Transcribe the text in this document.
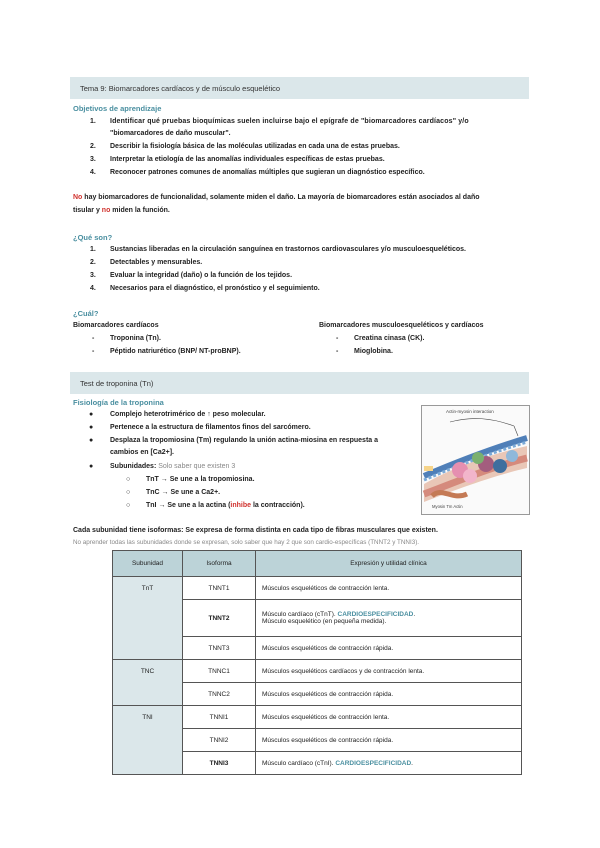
Tema 9: Biomarcadores cardíacos y de músculo esquelético
Objetivos de aprendizaje
1. Identificar qué pruebas bioquímicas suelen incluirse bajo el epígrafe de "biomarcadores cardíacos" y/o
"biomarcadores de daño muscular".
2. Describir la fisiología básica de las moléculas utilizadas en cada una de estas pruebas.
3. Interpretar la etiología de las anomalías individuales específicas de estas pruebas.
4. Reconocer patrones comunes de anomalías múltiples que sugieran un diagnóstico específico.
No hay biomarcadores de funcionalidad, solamente miden el daño. La mayoría de biomarcadores están asociados al daño
tisular y no miden la función.
¿Qué son?
1. Sustancias liberadas en la circulación sanguínea en trastornos cardiovasculares y/o musculoesqueléticos.
2. Detectables y mensurables.
3. Evaluar la integridad (daño) o la función de los tejidos.
4. Necesarios para el diagnóstico, el pronóstico y el seguimiento.
¿Cuál?
Biomarcadores cardíacos
- Troponina (Tn).
- Péptido natriurético (BNP/ NT-proBNP).
Biomarcadores musculoesqueléticos y cardíacos
- Creatina cinasa (CK).
- Mioglobina.
Test de troponina (Tn)
Fisiología de la troponina
● Complejo heterotrimérico de ↑ peso molecular.
● Pertenece a la estructura de filamentos finos del sarcómero.
● Desplaza la tropomiosina (Tm) regulando la unión actina-miosina en respuesta a
cambios en [Ca2+].
● Subunidades: Solo saber que existen 3
○ TnT → Se une a la tropomiosina.
○ TnC → Se une a Ca2+.
○ TnI → Se une a la actina (inhibe la contracción).
Actin-myosin interaction
Myosin Tm Actin
Cada subunidad tiene isoformas: Se expresa de forma distinta en cada tipo de fibras musculares que existen.
No aprender todas las subunidades donde se expresan, solo saber que hay 2 que son cardio-específicas (TNNT2 y TNNI3).
Subunidad	Isoforma	Expresión y utilidad clínica
TnT	TNNT1	Músculos esqueléticos de contracción lenta.
	TNNT2	Músculo cardíaco (cTnT). CARDIOESPECIFICIDAD.
Músculo esquelético (en pequeña medida).

	TNNT3	Músculos esqueléticos de contracción rápida.
TNC	TNNC1	Músculos esqueléticos cardíacos y de contracción lenta.
	TNNC2	Músculos esqueléticos de contracción rápida.
TNI	TNNI1	Músculos esqueléticos de contracción lenta.
	TNNI2	Músculos esqueléticos de contracción rápida.
	TNNI3	Músculo cardíaco (cTnI). CARDIOESPECIFICIDAD.
